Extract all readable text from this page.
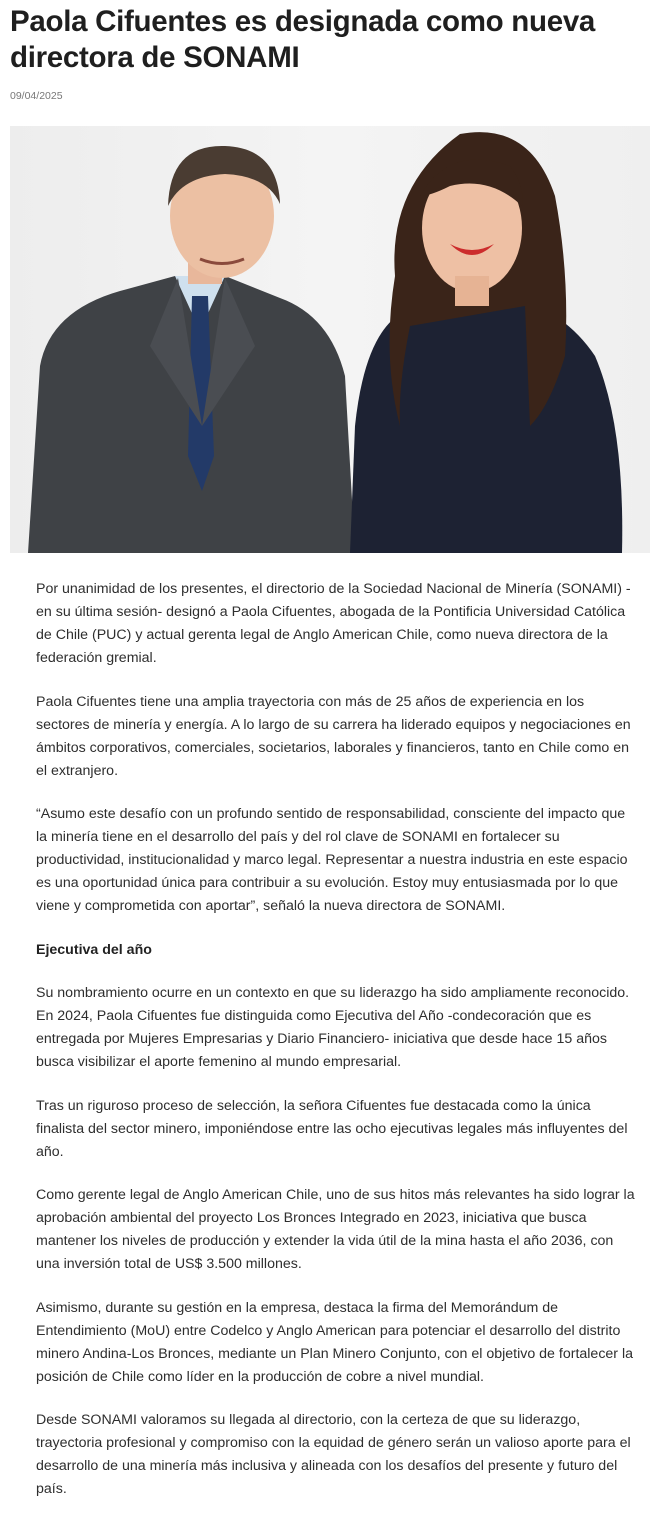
Paola Cifuentes es designada como nueva directora de SONAMI
09/04/2025

Por unanimidad de los presentes, el directorio de la Sociedad Nacional de Minería (SONAMI) -en su última sesión- designó a Paola Cifuentes, abogada de la Pontificia Universidad Católica de Chile (PUC) y actual gerenta legal de Anglo American Chile, como nueva directora de la federación gremial.

Paola Cifuentes tiene una amplia trayectoria con más de 25 años de experiencia en los sectores de minería y energía. A lo largo de su carrera ha liderado equipos y negociaciones en ámbitos corporativos, comerciales, societarios, laborales y financieros, tanto en Chile como en el extranjero.

“Asumo este desafío con un profundo sentido de responsabilidad, consciente del impacto que la minería tiene en el desarrollo del país y del rol clave de SONAMI en fortalecer su productividad, institucionalidad y marco legal. Representar a nuestra industria en este espacio es una oportunidad única para contribuir a su evolución. Estoy muy entusiasmada por lo que viene y comprometida con aportar”, señaló la nueva directora de SONAMI.

Ejecutiva del año

Su nombramiento ocurre en un contexto en que su liderazgo ha sido ampliamente reconocido. En 2024, Paola Cifuentes fue distinguida como Ejecutiva del Año -condecoración que es entregada por Mujeres Empresarias y Diario Financiero- iniciativa que desde hace 15 años busca visibilizar el aporte femenino al mundo empresarial.

Tras un riguroso proceso de selección, la señora Cifuentes fue destacada como la única finalista del sector minero, imponiéndose entre las ocho ejecutivas legales más influyentes del año.

Como gerente legal de Anglo American Chile, uno de sus hitos más relevantes ha sido lograr la aprobación ambiental del proyecto Los Bronces Integrado en 2023, iniciativa que busca mantener los niveles de producción y extender la vida útil de la mina hasta el año 2036, con una inversión total de US$ 3.500 millones.

Asimismo, durante su gestión en la empresa, destaca la firma del Memorándum de Entendimiento (MoU) entre Codelco y Anglo American para potenciar el desarrollo del distrito minero Andina-Los Bronces, mediante un Plan Minero Conjunto, con el objetivo de fortalecer la posición de Chile como líder en la producción de cobre a nivel mundial.

Desde SONAMI valoramos su llegada al directorio, con la certeza de que su liderazgo, trayectoria profesional y compromiso con la equidad de género serán un valioso aporte para el desarrollo de una minería más inclusiva y alineada con los desafíos del presente y futuro del país.
